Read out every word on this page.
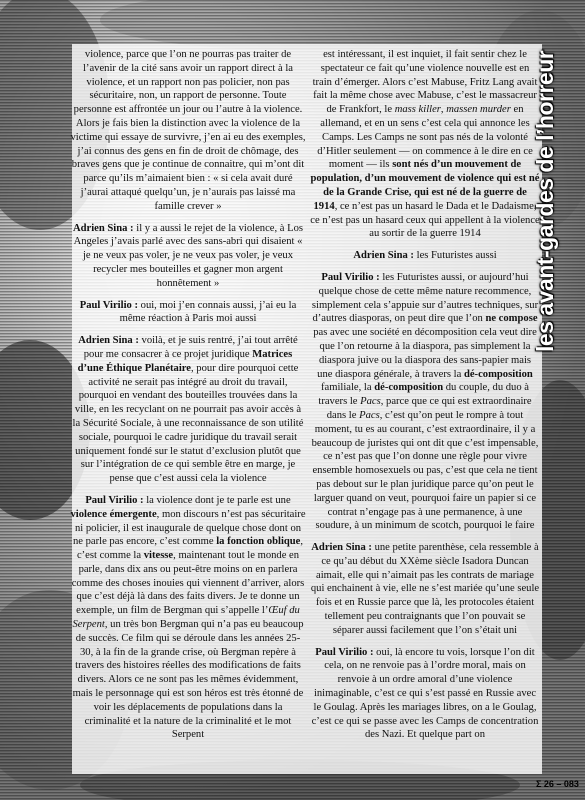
violence, parce que l’on ne pourras pas traiter de l’avenir de la cité sans avoir un rapport direct à la violence, et un rapport non pas policier, non pas sécuritaire, non, un rapport de personne. Toute personne est affrontée un jour ou l’autre à la violence. Alors je fais bien la distinction avec la violence de la victime qui essaye de survivre, j’en ai eu des exemples, j’ai connus des gens en fin de droit de chômage, des braves gens que je continue de connaitre, qui m’ont dit parce qu’ils m’aimaient bien : « si cela avait duré j’aurai attaqué quelqu’un, je n’aurais pas laissé ma famille crever »

Adrien Sina : il y a aussi le rejet de la violence, à Los Angeles j’avais parlé avec des sans-abri qui disaient « je ne veux pas voler, je ne veux pas voler, je veux recycler mes bouteilles et gagner mon argent honnêtement »

Paul Virilio : oui, moi j’en connais aussi, j’ai eu la même réaction à Paris moi aussi

Adrien Sina : voilà, et je suis rentré, j’ai tout arrêté pour me consacrer à ce projet juridique Matrices d’une Éthique Planétaire, pour dire pourquoi cette activité ne serait pas intégré au droit du travail, pourquoi en vendant des bouteilles trouvées dans la ville, en les recyclant on ne pourrait pas avoir accès à la Sécurité Sociale, à une reconnaissance de son utilité sociale, pourquoi le cadre juridique du travail serait uniquement fondé sur le statut d’exclusion plutôt que sur l’intégration de ce qui semble être en marge, je pense que c’est aussi cela la violence

Paul Virilio : la violence dont je te parle est une violence émergente, mon discours n’est pas sécuritaire ni policier, il est inaugurale de quelque chose dont on ne parle pas encore, c’est comme la fonction oblique, c’est comme la vitesse, maintenant tout le monde en parle, dans dix ans ou peut-être moins on en parlera comme des choses inouies qui viennent d’arriver, alors que c’est déjà là dans des faits divers. Je te donne un exemple, un film de Bergman qui s’appelle l’Œuf du Serpent, un très bon Bergman qui n’a pas eu beaucoup de succès. Ce film qui se déroule dans les années 25-30, à la fin de la grande crise, où Bergman repère à travers des histoires réelles des modifications de faits divers. Alors ce ne sont pas les mêmes évidemment, mais le personnage qui est son héros est très étonné de voir les déplacements de populations dans la criminalité et la nature de la criminalité et le mot Serpent

est intéressant, il est inquiet, il fait sentir chez le spectateur ce fait qu’une violence nouvelle est en train d’émerger. Alors c’est Mabuse, Fritz Lang avait fait la même chose avec Mabuse, c’est le massacreur de Frankfort, le mass killer, massen murder en allemand, et en un sens c’est cela qui annonce les Camps. Les Camps ne sont pas nés de la volonté d’Hitler seulement — on commence à le dire en ce moment — ils sont nés d’un mouvement de population, d’un mouvement de violence qui est né de la Grande Crise, qui est né de la guerre de 1914, ce n’est pas un hasard le Dada et le Dadaisme, ce n’est pas un hasard ceux qui appellent à la violence au sortir de la guerre 1914

Adrien Sina : les Futuristes aussi

Paul Virilio : les Futuristes aussi, or aujourd’hui quelque chose de cette même nature recommence, simplement cela s’appuie sur d’autres techniques, sur d’autres diasporas, on peut dire que l’on ne compose pas avec une société en décomposition cela veut dire que l’on retourne à la diaspora, pas simplement la diaspora juive ou la diaspora des sans-papier mais une diaspora générale, à travers la dé-composition familiale, la dé-composition du couple, du duo à travers le Pacs, parce que ce qui est extraordinaire dans le Pacs, c’est qu’on peut le rompre à tout moment, tu es au courant, c’est extraordinaire, il y a beaucoup de juristes qui ont dit que c’est impensable, ce n’est pas que l’on donne une règle pour vivre ensemble homosexuels ou pas, c’est que cela ne tient pas debout sur le plan juridique parce qu’on peut le larguer quand on veut, pourquoi faire un papier si ce contrat n’engage pas à une permanence, à une soudure, à un minimum de scotch, pourquoi le faire

Adrien Sina : une petite parenthèse, cela ressemble à ce qu’au début du XXème siècle Isadora Duncan aimait, elle qui n’aimait pas les contrats de mariage qui enchainent à vie, elle ne s’est mariée qu’une seule fois et en Russie parce que là, les protocoles étaient tellement peu contraignants que l’on pouvait se séparer aussi facilement que l’on s’était uni

Paul Virilio : oui, là encore tu vois, lorsque l’on dit cela, on ne renvoie pas à l’ordre moral, mais on renvoie à un ordre amoral d’une violence inimaginable, c’est ce qui s’est passé en Russie avec le Goulag. Après les mariages libres, on a le Goulag, c’est ce qui se passe avec les Camps de concentration des Nazi. Et quelque part on

les avant-gardes de l’horreur
Σ 26 – 083
